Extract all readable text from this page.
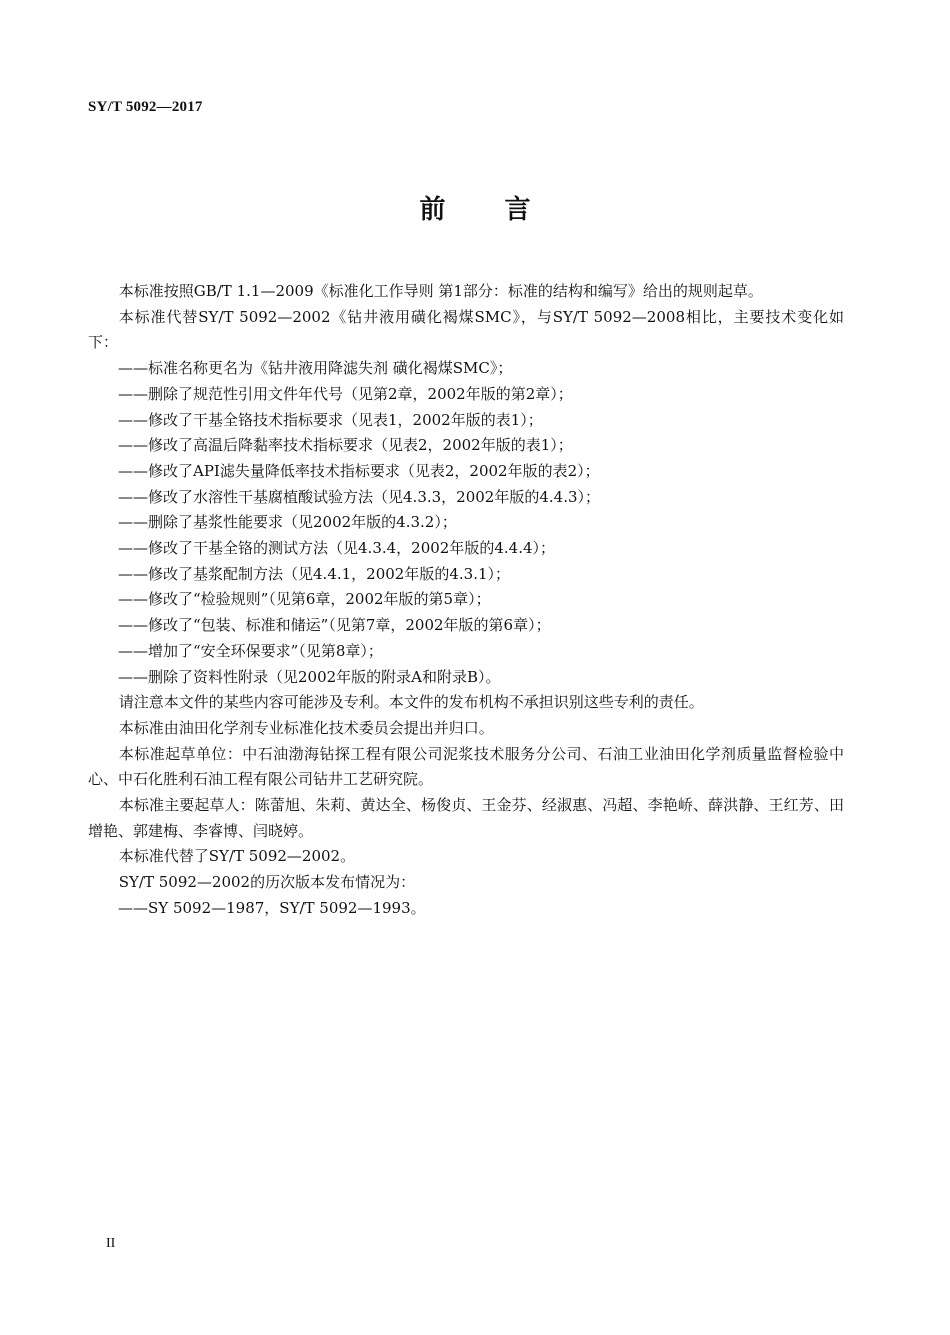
SY/T 5092—2017
前 言

本标准按照GB/T 1.1—2009《标准化工作导则 第1部分：标准的结构和编写》给出的规则起草。

本标准代替SY/T 5092—2002《钻井液用磺化褐煤SMC》，与SY/T 5092—2008相比，主要技术变化如下：

——标准名称更名为《钻井液用降滤失剂 磺化褐煤SMC》；

——删除了规范性引用文件年代号（见第2章，2002年版的第2章）；

——修改了干基全铬技术指标要求（见表1，2002年版的表1）；

——修改了高温后降黏率技术指标要求（见表2，2002年版的表1）；

——修改了API滤失量降低率技术指标要求（见表2，2002年版的表2）；

——修改了水溶性干基腐植酸试验方法（见4.3.3，2002年版的4.4.3）；

——删除了基浆性能要求（见2002年版的4.3.2）；

——修改了干基全铬的测试方法（见4.3.4，2002年版的4.4.4）；

——修改了基浆配制方法（见4.4.1，2002年版的4.3.1）；

——修改了“检验规则”（见第6章，2002年版的第5章）；

——修改了“包装、标准和储运”（见第7章，2002年版的第6章）；

——增加了“安全环保要求”（见第8章）；

——删除了资料性附录（见2002年版的附录A和附录B）。

请注意本文件的某些内容可能涉及专利。本文件的发布机构不承担识别这些专利的责任。

本标准由油田化学剂专业标准化技术委员会提出并归口。

本标准起草单位：中石油渤海钻探工程有限公司泥浆技术服务分公司、石油工业油田化学剂质量监督检验中心、中石化胜利石油工程有限公司钻井工艺研究院。

本标准主要起草人：陈蕾旭、朱莉、黄达全、杨俊贞、王金芬、经淑惠、冯超、李艳峤、薛洪静、王红芳、田增艳、郭建梅、李睿博、闫晓婷。

本标准代替了SY/T 5092—2002。

SY/T 5092—2002的历次版本发布情况为：

——SY 5092—1987，SY/T 5092—1993。

II
